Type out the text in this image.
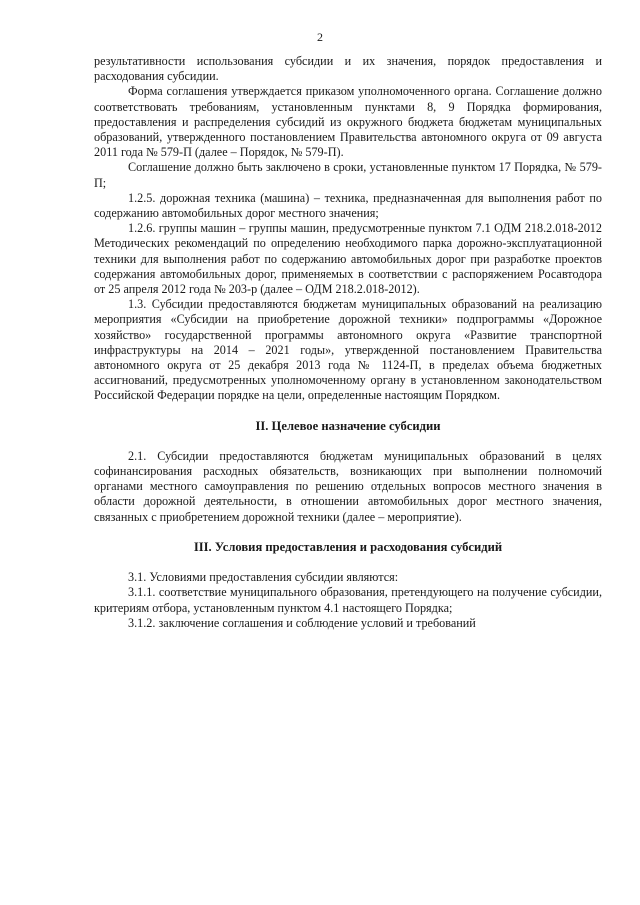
2

результативности использования субсидии и их значения, порядок предоставления и расходования субсидии.

Форма соглашения утверждается приказом уполномоченного органа. Соглашение должно соответствовать требованиям, установленным пунктами 8, 9 Порядка формирования, предоставления и распределения субсидий из окружного бюджета бюджетам муниципальных образований, утвержденного постановлением Правительства автономного округа от 09 августа 2011 года № 579-П (далее – Порядок, № 579-П).

Соглашение должно быть заключено в сроки, установленные пунктом 17 Порядка, № 579-П;

1.2.5. дорожная техника (машина) – техника, предназначенная для выполнения работ по содержанию автомобильных дорог местного значения;

1.2.6. группы машин – группы машин, предусмотренные пунктом 7.1 ОДМ 218.2.018-2012 Методических рекомендаций по определению необходимого парка дорожно-эксплуатационной техники для выполнения работ по содержанию автомобильных дорог при разработке проектов содержания автомобильных дорог, применяемых в соответствии с распоряжением Росавтодора от 25 апреля 2012 года № 203-р (далее – ОДМ 218.2.018-2012).

1.3. Субсидии предоставляются бюджетам муниципальных образований на реализацию мероприятия «Субсидии на приобретение дорожной техники» подпрограммы «Дорожное хозяйство» государственной программы автономного округа «Развитие транспортной инфраструктуры на 2014 – 2021 годы», утвержденной постановлением Правительства автономного округа от 25 декабря 2013 года № 1124-П, в пределах объема бюджетных ассигнований, предусмотренных уполномоченному органу в установленном законодательством Российской Федерации порядке на цели, определенные настоящим Порядком.

II. Целевое назначение субсидии

2.1. Субсидии предоставляются бюджетам муниципальных образований в целях софинансирования расходных обязательств, возникающих при выполнении полномочий органами местного самоуправления по решению отдельных вопросов местного значения в области дорожной деятельности, в отношении автомобильных дорог местного значения, связанных с приобретением дорожной техники (далее – мероприятие).

III. Условия предоставления и расходования субсидий

3.1. Условиями предоставления субсидии являются:

3.1.1. соответствие муниципального образования, претендующего на получение субсидии, критериям отбора, установленным пунктом 4.1 настоящего Порядка;

3.1.2. заключение соглашения и соблюдение условий и требований
